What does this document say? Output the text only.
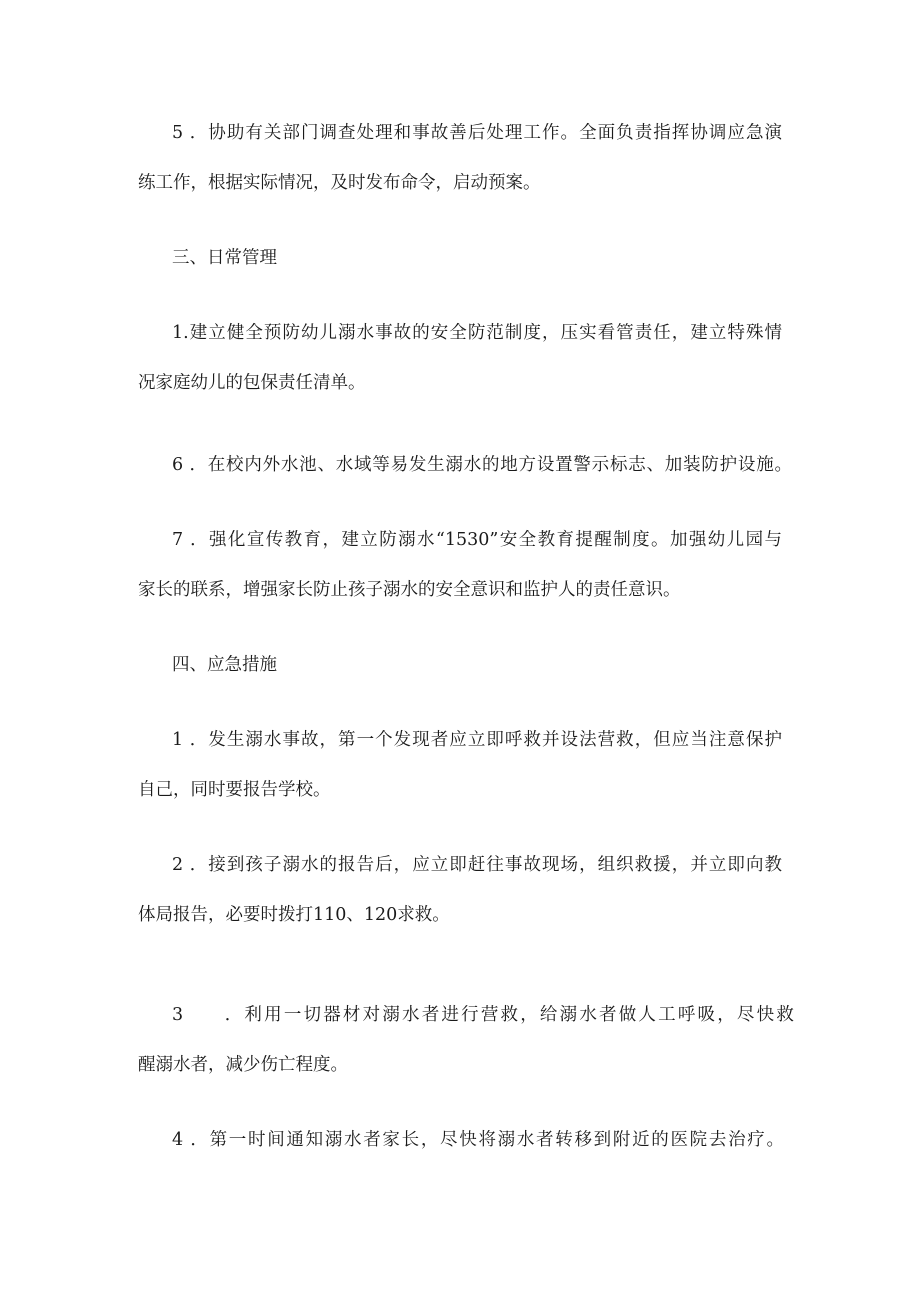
5 ．协助有关部门调查处理和事故善后处理工作。全面负责指挥协调应急演
练工作，根据实际情况，及时发布命令，启动预案。
三、日常管理
1.建立健全预防幼儿溺水事故的安全防范制度，压实看管责任，建立特殊情
况家庭幼儿的包保责任清单。
6 ．在校内外水池、水域等易发生溺水的地方设置警示标志、加装防护设施。
7 ．强化宣传教育，建立防溺水“1530”安全教育提醒制度。加强幼儿园与
家长的联系，增强家长防止孩子溺水的安全意识和监护人的责任意识。
四、应急措施
1 ．发生溺水事故，第一个发现者应立即呼救并设法营救，但应当注意保护
自己，同时要报告学校。
2 ．接到孩子溺水的报告后，应立即赶往事故现场，组织救援，并立即向教
体局报告，必要时拨打110、120求救。
3　　．利用一切器材对溺水者进行营救，给溺水者做人工呼吸，尽快救
醒溺水者，减少伤亡程度。
4 ．第一时间通知溺水者家长，尽快将溺水者转移到附近的医院去治疗。
